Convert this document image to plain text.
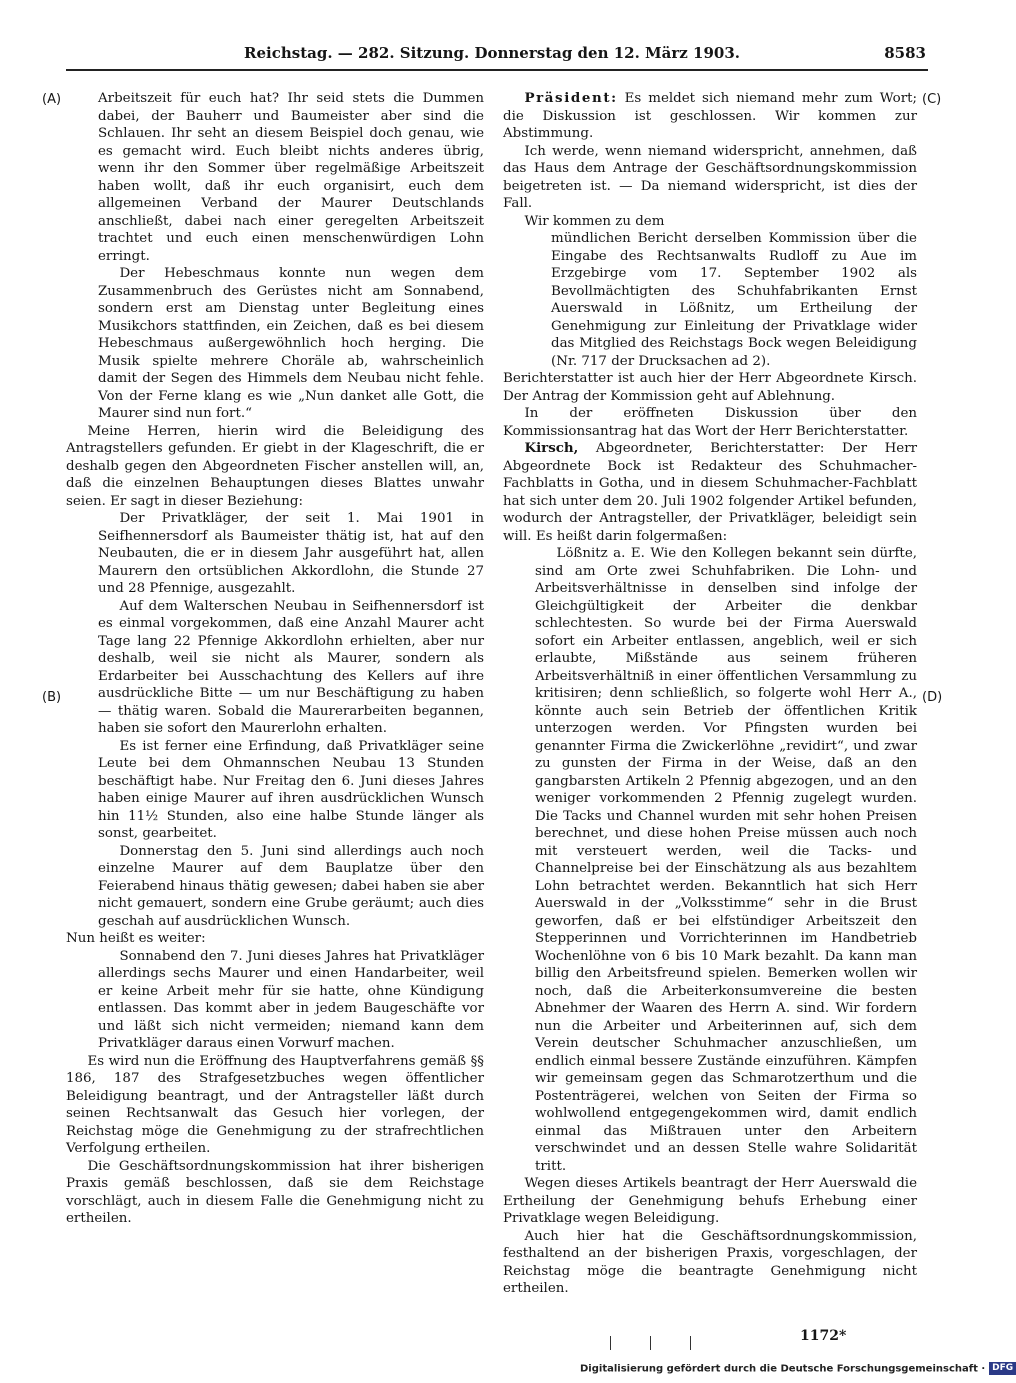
Reichstag. — 282. Sitzung. Donnerstag den 12. März 1903.	8583
(A)
(B)
(C)
(D)

Arbeitszeit für euch hat? Ihr seid stets die Dummen dabei, der Bauherr und Baumeister aber sind die Schlauen. Ihr seht an diesem Beispiel doch genau, wie es gemacht wird. Euch bleibt nichts anderes übrig, wenn ihr den Sommer über regelmäßige Arbeitszeit haben wollt, daß ihr euch organisirt, euch dem allgemeinen Verband der Maurer Deutschlands anschließt, dabei nach einer geregelten Arbeitszeit trachtet und euch einen menschenwürdigen Lohn erringt.

Der Hebeschmaus konnte nun wegen dem Zusammenbruch des Gerüstes nicht am Sonnabend, sondern erst am Dienstag unter Begleitung eines Musikchors stattfinden, ein Zeichen, daß es bei diesem Hebeschmaus außergewöhnlich hoch herging. Die Musik spielte mehrere Choräle ab, wahrscheinlich damit der Segen des Himmels dem Neubau nicht fehle. Von der Ferne klang es wie „Nun danket alle Gott, die Maurer sind nun fort.“

Meine Herren, hierin wird die Beleidigung des Antragstellers gefunden. Er giebt in der Klageschrift, die er deshalb gegen den Abgeordneten Fischer anstellen will, an, daß die einzelnen Behauptungen dieses Blattes unwahr seien. Er sagt in dieser Beziehung:

Der Privatkläger, der seit 1. Mai 1901 in Seifhennersdorf als Baumeister thätig ist, hat auf den Neubauten, die er in diesem Jahr ausgeführt hat, allen Maurern den ortsüblichen Akkordlohn, die Stunde 27 und 28 Pfennige, ausgezahlt.

Auf dem Walterschen Neubau in Seifhennersdorf ist es einmal vorgekommen, daß eine Anzahl Maurer acht Tage lang 22 Pfennige Akkordlohn erhielten, aber nur deshalb, weil sie nicht als Maurer, sondern als Erdarbeiter bei Ausschachtung des Kellers auf ihre ausdrückliche Bitte — um nur Beschäftigung zu haben — thätig waren. Sobald die Maurerarbeiten begannen, haben sie sofort den Maurerlohn erhalten.

Es ist ferner eine Erfindung, daß Privatkläger seine Leute bei dem Ohmannschen Neubau 13 Stunden beschäftigt habe. Nur Freitag den 6. Juni dieses Jahres haben einige Maurer auf ihren ausdrücklichen Wunsch hin 11½ Stunden, also eine halbe Stunde länger als sonst, gearbeitet.

Donnerstag den 5. Juni sind allerdings auch noch einzelne Maurer auf dem Bauplatze über den Feierabend hinaus thätig gewesen; dabei haben sie aber nicht gemauert, sondern eine Grube geräumt; auch dies geschah auf ausdrücklichen Wunsch.

Nun heißt es weiter:

Sonnabend den 7. Juni dieses Jahres hat Privatkläger allerdings sechs Maurer und einen Handarbeiter, weil er keine Arbeit mehr für sie hatte, ohne Kündigung entlassen. Das kommt aber in jedem Baugeschäfte vor und läßt sich nicht vermeiden; niemand kann dem Privatkläger daraus einen Vorwurf machen.

Es wird nun die Eröffnung des Hauptverfahrens gemäß §§ 186, 187 des Strafgesetzbuches wegen öffentlicher Beleidigung beantragt, und der Antragsteller läßt durch seinen Rechtsanwalt das Gesuch hier vorlegen, der Reichstag möge die Genehmigung zu der strafrechtlichen Verfolgung ertheilen.

Die Geschäftsordnungskommission hat ihrer bisherigen Praxis gemäß beschlossen, daß sie dem Reichstage vorschlägt, auch in diesem Falle die Genehmigung nicht zu ertheilen.

Präsident: Es meldet sich niemand mehr zum Wort; die Diskussion ist geschlossen. Wir kommen zur Abstimmung.

Ich werde, wenn niemand widerspricht, annehmen, daß das Haus dem Antrage der Geschäftsordnungskommission beigetreten ist. — Da niemand widerspricht, ist dies der Fall.

Wir kommen zu dem

mündlichen Bericht derselben Kommission über die Eingabe des Rechtsanwalts Rudloff zu Aue im Erzgebirge vom 17. September 1902 als Bevollmächtigten des Schuhfabrikanten Ernst Auerswald in Lößnitz, um Ertheilung der Genehmigung zur Einleitung der Privatklage wider das Mitglied des Reichstags Bock wegen Beleidigung (Nr. 717 der Drucksachen ad 2).

Berichterstatter ist auch hier der Herr Abgeordnete Kirsch. Der Antrag der Kommission geht auf Ablehnung.

In der eröffneten Diskussion über den Kommissionsantrag hat das Wort der Herr Berichterstatter.

Kirsch, Abgeordneter, Berichterstatter: Der Herr Abgeordnete Bock ist Redakteur des Schuhmacher-Fachblatts in Gotha, und in diesem Schuhmacher-Fachblatt hat sich unter dem 20. Juli 1902 folgender Artikel befunden, wodurch der Antragsteller, der Privatkläger, beleidigt sein will. Es heißt darin folgermaßen:

Lößnitz a. E. Wie den Kollegen bekannt sein dürfte, sind am Orte zwei Schuhfabriken. Die Lohn- und Arbeitsverhältnisse in denselben sind infolge der Gleichgültigkeit der Arbeiter die denkbar schlechtesten. So wurde bei der Firma Auerswald sofort ein Arbeiter entlassen, angeblich, weil er sich erlaubte, Mißstände aus seinem früheren Arbeitsverhältniß in einer öffentlichen Versammlung zu kritisiren; denn schließlich, so folgerte wohl Herr A., könnte auch sein Betrieb der öffentlichen Kritik unterzogen werden. Vor Pfingsten wurden bei genannter Firma die Zwickerlöhne „revidirt“, und zwar zu gunsten der Firma in der Weise, daß an den gangbarsten Artikeln 2 Pfennig abgezogen, und an den weniger vorkommenden 2 Pfennig zugelegt wurden. Die Tacks und Channel wurden mit sehr hohen Preisen berechnet, und diese hohen Preise müssen auch noch mit versteuert werden, weil die Tacks- und Channelpreise bei der Einschätzung als aus bezahltem Lohn betrachtet werden. Bekanntlich hat sich Herr Auerswald in der „Volksstimme“ sehr in die Brust geworfen, daß er bei elfstündiger Arbeitszeit den Stepperinnen und Vorrichterinnen im Handbetrieb Wochenlöhne von 6 bis 10 Mark bezahlt. Da kann man billig den Arbeitsfreund spielen. Bemerken wollen wir noch, daß die Arbeiterkonsumvereine die besten Abnehmer der Waaren des Herrn A. sind. Wir fordern nun die Arbeiter und Arbeiterinnen auf, sich dem Verein deutscher Schuhmacher anzuschließen, um endlich einmal bessere Zustände einzuführen. Kämpfen wir gemeinsam gegen das Schmarotzerthum und die Postenträgerei, welchen von Seiten der Firma so wohlwollend entgegengekommen wird, damit endlich einmal das Mißtrauen unter den Arbeitern verschwindet und an dessen Stelle wahre Solidarität tritt.

Wegen dieses Artikels beantragt der Herr Auerswald die Ertheilung der Genehmigung behufs Erhebung einer Privatklage wegen Beleidigung.

Auch hier hat die Geschäftsordnungskommission, festhaltend an der bisherigen Praxis, vorgeschlagen, der Reichstag möge die beantragte Genehmigung nicht ertheilen.

1172*
Digitalisierung gefördert durch die Deutsche Forschungsgemeinschaft · DFG
